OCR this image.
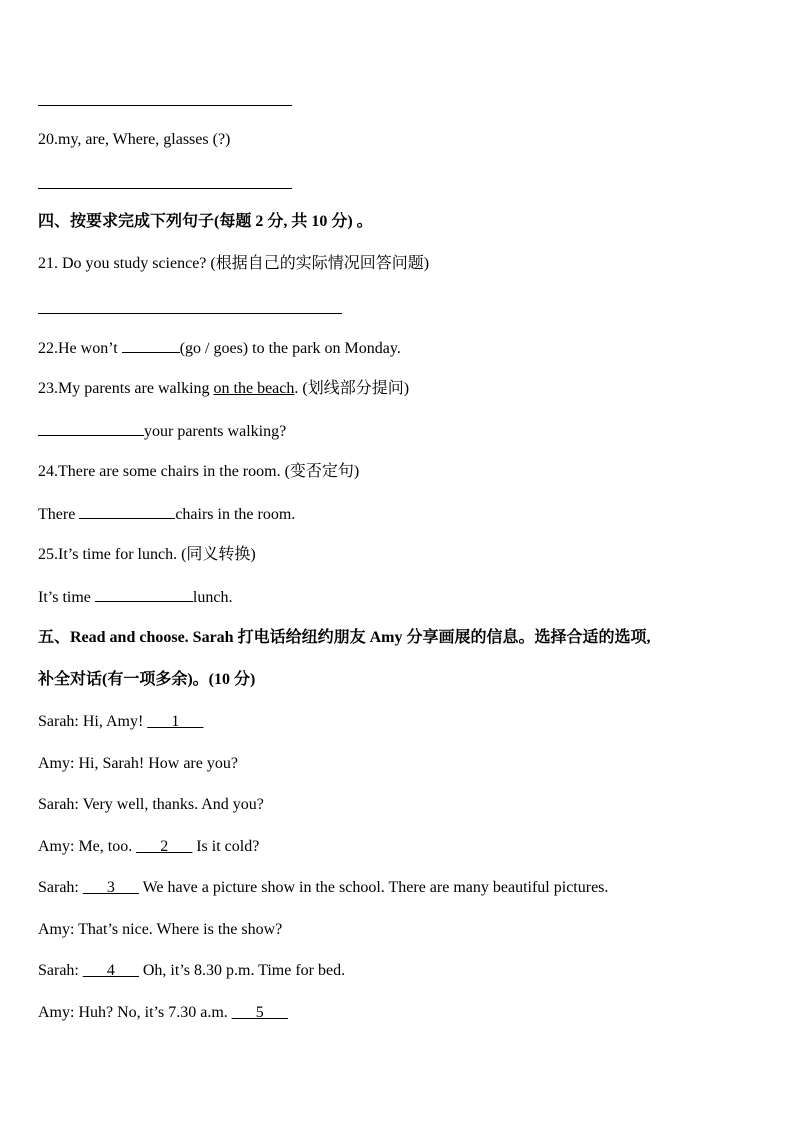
20.my, are, Where, glasses (?)
四、按要求完成下列句子(每题 2 分, 共 10 分) 。
21. Do you study science? (根据自己的实际情况回答问题)
22.He won’t	(go / goes) to the park on Monday.
23.My parents are walking on the beach. (划线部分提问)
your parents walking?
24.There are some chairs in the room. (变否定句)
There	chairs in the room.
25.It’s time for lunch. (同义转换)
It’s time	lunch.
五、Read and choose. Sarah 打电话给纽约朋友 Amy 分享画展的信息。选择合适的选项,
补全对话(有一项多余)。(10 分)
Sarah: Hi, Amy! ___1___
Amy: Hi, Sarah! How are you?
Sarah: Very well, thanks. And you?
Amy: Me, too. ___2___ Is it cold?
Sarah: ___3___ We have a picture show in the school. There are many beautiful pictures.
Amy: That’s nice. Where is the show?
Sarah: ___4___ Oh, it’s 8.30 p.m. Time for bed.
Amy: Huh? No, it’s 7.30 a.m. ___5___
